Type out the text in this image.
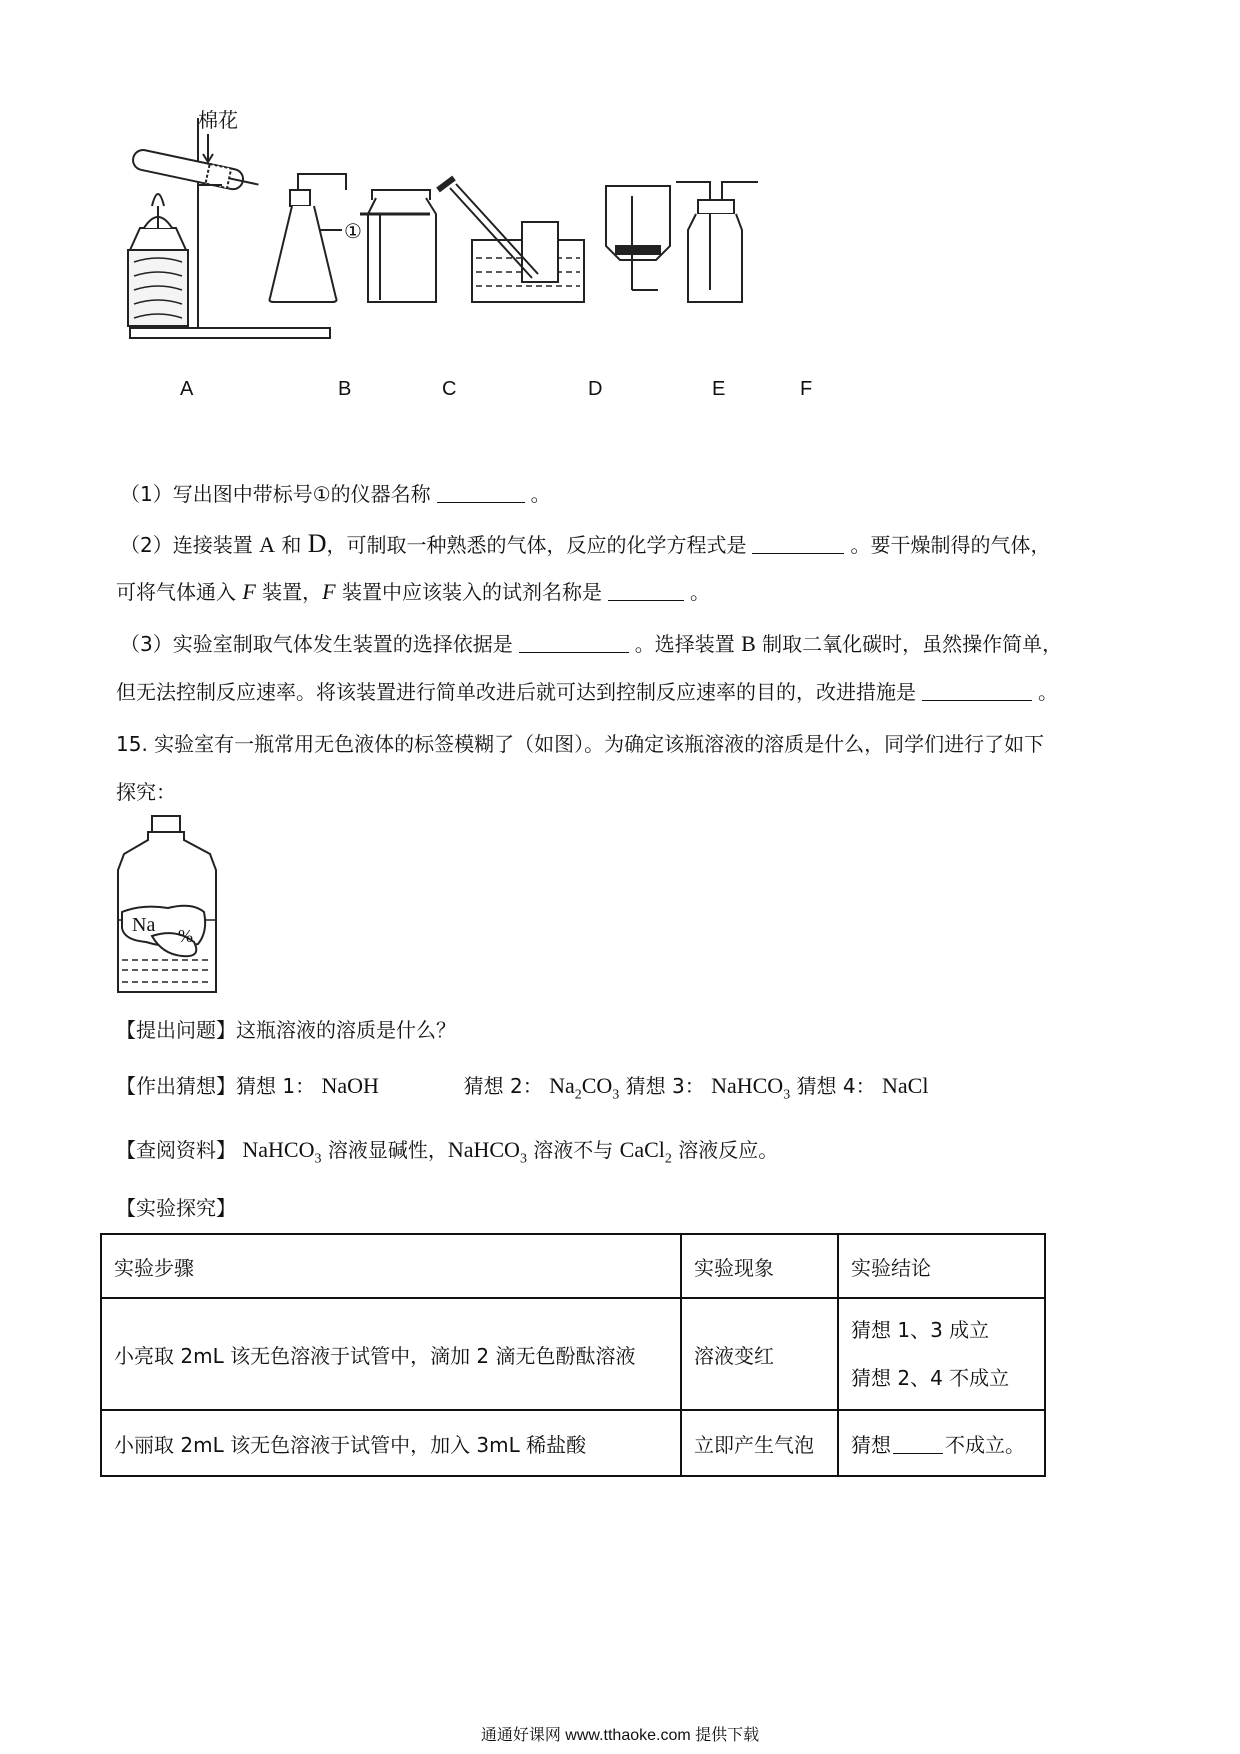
棉花
①
A	B	C	D	E	F
（1）写出图中带标号①的仪器名称	。
（2）连接装置 A 和 D，可制取一种熟悉的气体，反应的化学方程式是	。要干燥制得的气体，
可将气体通入 F 装置，F 装置中应该装入的试剂名称是	。
（3）实验室制取气体发生装置的选择依据是	。选择装置 B 制取二氧化碳时，虽然操作简单，
但无法控制反应速率。将该装置进行简单改进后就可达到控制反应速率的目的，改进措施是	。
15. 实验室有一瓶常用无色液体的标签模糊了（如图）。为确定该瓶溶液的溶质是什么，同学们进行了如下
探究：
Na %
【提出问题】这瓶溶液的溶质是什么？
【作出猜想】猜想 1： NaOH	猜想 2： $Na_2CO_3$ 猜想 3： NaHCO$_3$ 猜想 4： NaCl
【查阅资料】 NaHCO$_3$ 溶液显碱性，NaHCO$_3$ 溶液不与 CaCl$_2$ 溶液反应。
【实验探究】
实验步骤	实验现象	实验结论
小亮取 2mL 该无色溶液于试管中，滴加 2 滴无色酚酞溶液	溶液变红	猜想 1、3 成立
猜想 2、4 不成立

小丽取 2mL 该无色溶液于试管中，加入 3mL 稀盐酸	立即产生气泡	猜想 不成立。
通通好课网 www.tthaoke.com 提供下载
